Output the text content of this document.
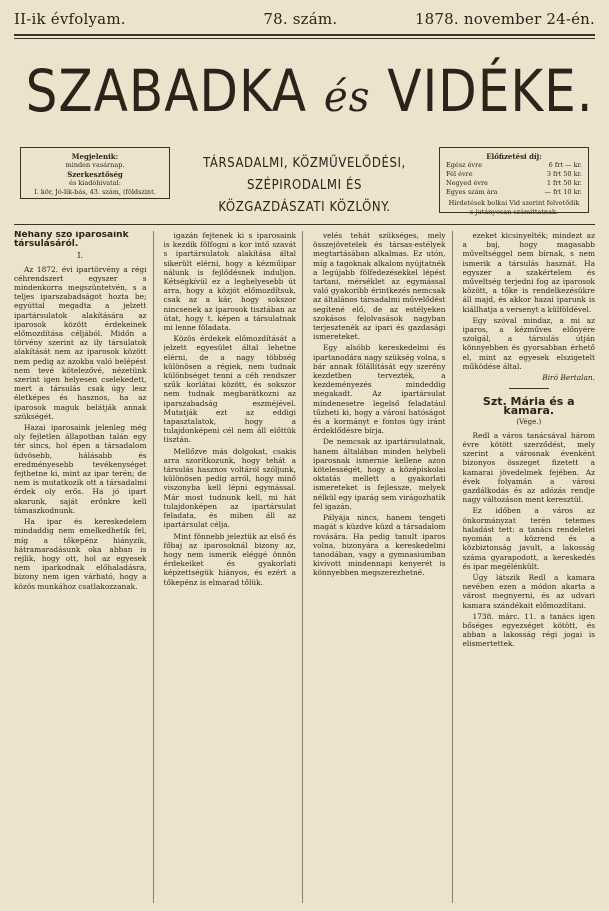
II-ik évfolyam.	78. szám.	1878. november 24-én.
SZABADKA és VIDÉKE.
Megjelenik:
minden vasárnap.
Szerkesztőség
és kiadóhivatal:
I. kör, Jó-lik-bás, 43. szám, (földszint.
TÁRSADALMI, KÖZMŰVELŐDÉSI, SZÉPIRODALMI ÉS
KÖZGAZDÁSZATI KÖZLÖNY.
Előfizetési díj:
Egész évre	6 frt — kr.
Fél évre	3 frt 50 kr.
Negyed évre	1 frt 50 kr.
Egyes szám ára	— frt 10 kr.
Hirdetések bolkai Vid szerint felvetődik s jutányosan számíttatnak.
Néhány szó iparosaink társulásáról.
I.

Az 1872. évi ipartörvény a régi céhrendszert egyszer s mindenkorra megszüntetvén, s a teljes iparszabadságot hozta be; egyúttal megadta a jelzett ipartársulatok alakítására az iparosok között érdekeinek előmozdítása céljából. Midőn a törvény szerint az ily társulatok alakítását nem az iparosok között nem pedig az azokba való belépést nem tevé kötelezővé, nézetünk szerint igen helyesen cselekedett, mert a társulás csak úgy lesz életképes és hasznos, ha az iparosok maguk belátják annak szükségét.

Hazai iparosaink jelenleg még oly fejletlen állapotban talán egy tér sincs, hol épen a társadalom üdvösebb, hálásabb és eredményesebb tevékenységet fejthetne ki, mint az ipar terén; de nem is mutatkozik ott a társadalmi érdek oly erős. Ha jó ipart akarunk, saját erőnkre kell támaszkodnunk.

Ha ipar és kereskedelem mindaddig nem emelkedhetik fel, míg a tőkepénz hiányzik, hátramaradásunk oka abban is rejlik, hogy ott, hol az egyesek nem iparkodnak előhaladásra, bizony nem igen várható, hogy a közös munkához csatlakozzanak.

igazán fejtenek ki s iparosaink is kezdik fölfogni a kor intő szavát s ipartársulatok alakítása által sikerült elérni, hogy a kézműipar nálunk is fejlődésnek induljon. Kétségkívül ez a leghelyesebb út arra, hogy a közjót előmozdítsuk, csak az a kár, hogy sokszor nincsenek az iparosok tisztában az útat, hogy t. képen a társulatnak mi lenne föladata.

Közös érdekek előmozdítását a jelzett egyesület által lehetne elérni, de a nagy többség különösen a régiek, nem tudnak különbséget tenni a céh rendszer szűk korlátai között, és sokszor nem tudnak megbarátkozni az iparszabadság eszméjével. Mutatják ezt az eddigi tapasztalatok, hogy a tulajdonképeni cél nem áll előttük tisztán.

Mellőzve más dolgokat, csakis arra szorítkozunk, hogy tehát a társulás hasznos voltáról szóljunk, különösen pedig arról, hogy minő viszonyba kell lépni egymással. Már most tudnunk kell, mi hát tulajdonképen az ipartársulat feladata, és miben áll az ipartársulat célja.

Mint fönnebb jeleztük az első és főbaj az iparosoknál bizony az, hogy nem ismerik eléggé önnön érdekeiket és gyakorlati képzettségük hiányos, és ezért a tőkepénz is elmarad tőlük.

velés tehát szükséges, mely összejövetelek és társas-estélyek megtartásában alkalmas. Ez utón, míg a tagoknak alkalom nyújtatnék a legújabb fölfedezésekkel lépést tartani, mérséklet az egymással való gyakoribb érintkezés nemcsak az általános társadalmi művelődést segítené elő, de az estélyeken szokásos felolvasások nagyban terjesztenék az ipari és gazdasági ismereteket.

Egy alsóbb kereskedelmi és ipartanodára nagy szükség volna, s bár annak fölállítását egy szerény kezdetben tervezték, a kezdeményezés mindeddig megakadt. Az ipartársulat mindenesetre legelső feladatául tűzheti ki, hogy a városi hatóságot és a kormányt e fontos ügy iránt érdeklődésre bírja.

De nemcsak az ipartársulatnak, hanem általában minden helybeli iparosnak ismernie kellene azon kötelességét, hogy a középiskolai oktatás mellett a gyakorlati ismereteket is fejlessze, melyek nélkül egy iparág sem virágozhatik fel igazán.

Pályája nincs, hanem tengeti magát s küzdve küzd a társadalom rovására. Ha pedig tanult iparos volna, bizonyára a kereskedelmi tanodában, vagy a gymnasiumban kivívott mindennapi kenyerét is könnyebben megszerezhetné.

ezeket kicsinyelték; mindezt az a baj, hogy magasabb műveltséggel nem bírnak, s nem ismerik a társulás hasznát. Ha egyszer a szakértelem és műveltség terjedni fog az iparosok között, a tőke is rendelkezésükre áll majd, és akkor hazai iparunk is kiállhatja a versenyt a külföldével.

Egy szóval mindaz, a mi az iparos, a kézműves előnyére szolgál, a társulás útján könnyebben és gyorsabban érhető el, mint az egyesek elszigetelt működése által.

Biró Bertalan.
Szt. Mária és a kamara.
(Vége.)

Redl a város tanácsával három évre kötött szerződést, mely szerint a városnak évenként bizonyos összeget fizetett a kamarai jövedelmek fejében. Az évek folyamán a városi gazdálkodás és az adózás rendje nagy változáson ment keresztül.

Ez időben a város az önkormányzat terén tetemes haladást tett: a tanács rendeletei nyomán a közrend és a közbiztonság javult, a lakosság száma gyarapodott, a kereskedés és ipar megélénkült.

Úgy látszik Redl a kamara nevében ezen a módon akarta a várost megnyerni, és az udvari kamara szándékait előmozdítani.

1738. márc. 11. a tanács igen bőséges egyezséget kötött, és abban a lakosság régi jogai is elismertettek.
